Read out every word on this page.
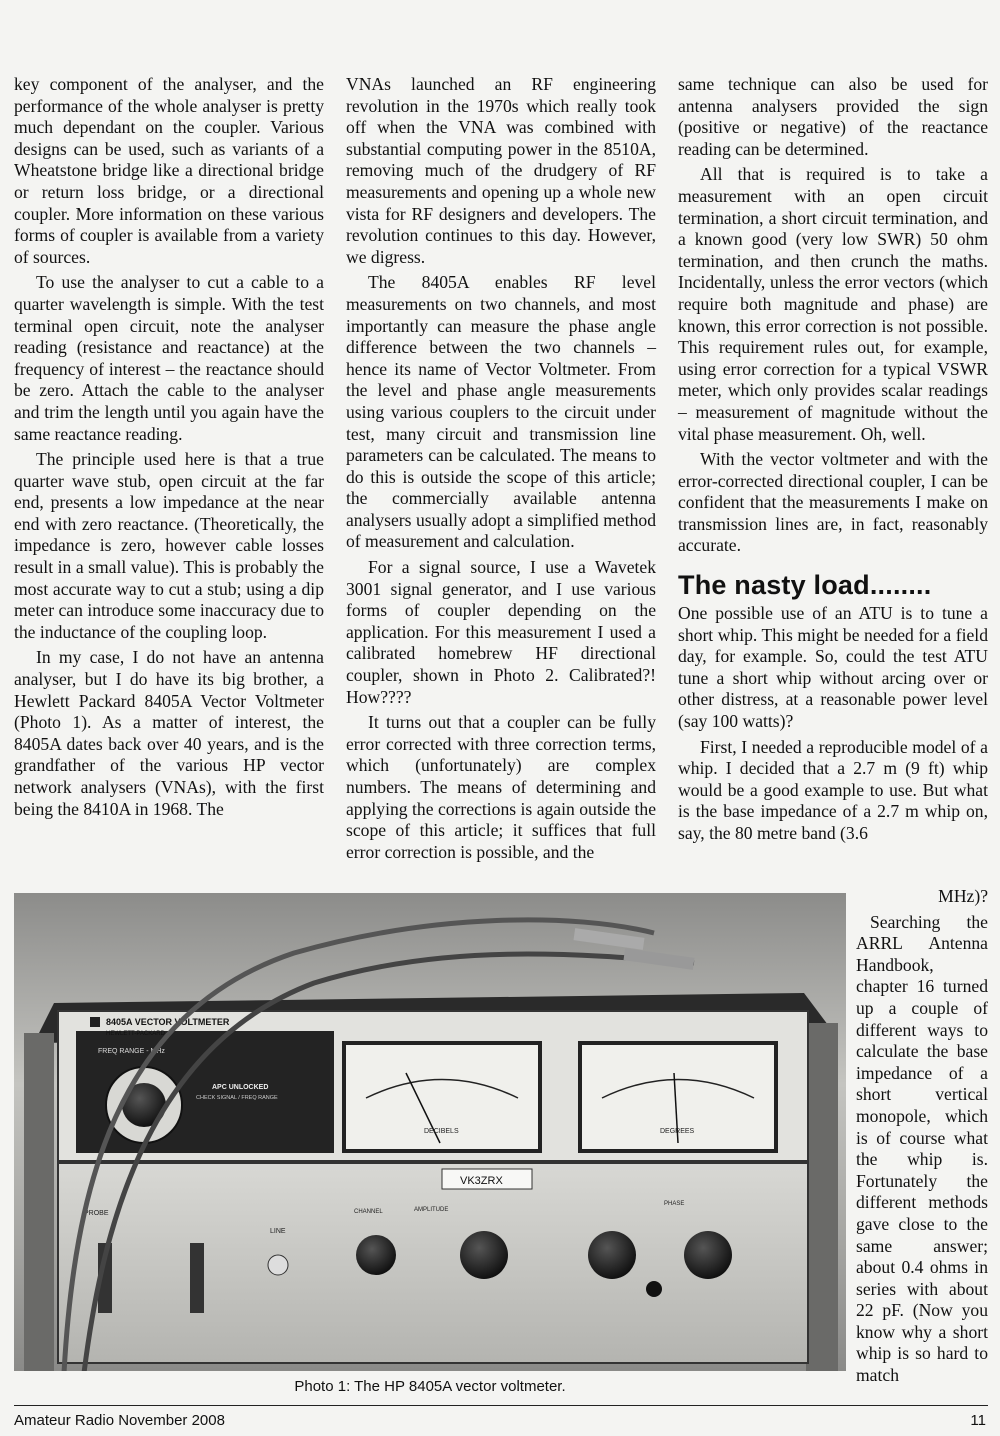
key component of the analyser, and the performance of the whole analyser is pretty much dependant on the coupler. Various designs can be used, such as variants of a Wheatstone bridge like a directional bridge or return loss bridge, or a directional coupler. More information on these various forms of coupler is available from a variety of sources.

To use the analyser to cut a cable to a quarter wavelength is simple. With the test terminal open circuit, note the analyser reading (resistance and reactance) at the frequency of interest – the reactance should be zero. Attach the cable to the analyser and trim the length until you again have the same reactance reading.

The principle used here is that a true quarter wave stub, open circuit at the far end, presents a low impedance at the near end with zero reactance. (Theoretically, the impedance is zero, however cable losses result in a small value). This is probably the most accurate way to cut a stub; using a dip meter can introduce some inaccuracy due to the inductance of the coupling loop.

In my case, I do not have an antenna analyser, but I do have its big brother, a Hewlett Packard 8405A Vector Voltmeter (Photo 1). As a matter of interest, the 8405A dates back over 40 years, and is the grandfather of the various HP vector network analysers (VNAs), with the first being the 8410A in 1968. The

VNAs launched an RF engineering revolution in the 1970s which really took off when the VNA was combined with substantial computing power in the 8510A, removing much of the drudgery of RF measurements and opening up a whole new vista for RF designers and developers. The revolution continues to this day. However, we digress.

The 8405A enables RF level measurements on two channels, and most importantly can measure the phase angle difference between the two channels – hence its name of Vector Voltmeter. From the level and phase angle measurements using various couplers to the circuit under test, many circuit and transmission line parameters can be calculated. The means to do this is outside the scope of this article; the commercially available antenna analysers usually adopt a simplified method of measurement and calculation.

For a signal source, I use a Wavetek 3001 signal generator, and I use various forms of coupler depending on the application. For this measurement I used a calibrated homebrew HF directional coupler, shown in Photo 2. Calibrated?! How????

It turns out that a coupler can be fully error corrected with three correction terms, which (unfortunately) are complex numbers. The means of determining and applying the corrections is again outside the scope of this article; it suffices that full error correction is possible, and the

same technique can also be used for antenna analysers provided the sign (positive or negative) of the reactance reading can be determined.

All that is required is to take a measurement with an open circuit termination, a short circuit termination, and a known good (very low SWR) 50 ohm termination, and then crunch the maths. Incidentally, unless the error vectors (which require both magnitude and phase) are known, this error correction is not possible. This requirement rules out, for example, using error correction for a typical VSWR meter, which only provides scalar readings – measurement of magnitude without the vital phase measurement. Oh, well.

With the vector voltmeter and with the error-corrected directional coupler, I can be confident that the measurements I make on transmission lines are, in fact, reasonably accurate.

The nasty load........

One possible use of an ATU is to tune a short whip. This might be needed for a field day, for example. So, could the test ATU tune a short whip without arcing over or other distress, at a reasonable power level (say 100 watts)?

First, I needed a reproducible model of a whip. I decided that a 2.7 m (9 ft) whip would be a good example to use. But what is the base impedance of a 2.7 m whip on, say, the 80 metre band (3.6

MHz)?

Searching the ARRL Antenna Handbook, chapter 16 turned up a couple of different ways to calculate the base impedance of a short vertical monopole, which is of course what the whip is. Fortunately the different methods gave close to the same answer; about 0.4 ohms in series with about 22 pF. (Now you know why a short whip is so hard to match

8405A VECTOR VOLTMETER
HEWLETT-PACKARD
FREQ RANGE - MHz
APC UNLOCKED
CHECK SIGNAL / FREQ RANGE
DECIBELS	DEGREES
VK3ZRX
PROBE
LINE
CHANNEL	AMPLITUDE
PHASE
Photo 1: The HP 8405A vector voltmeter.
Amateur Radio November 2008	11
